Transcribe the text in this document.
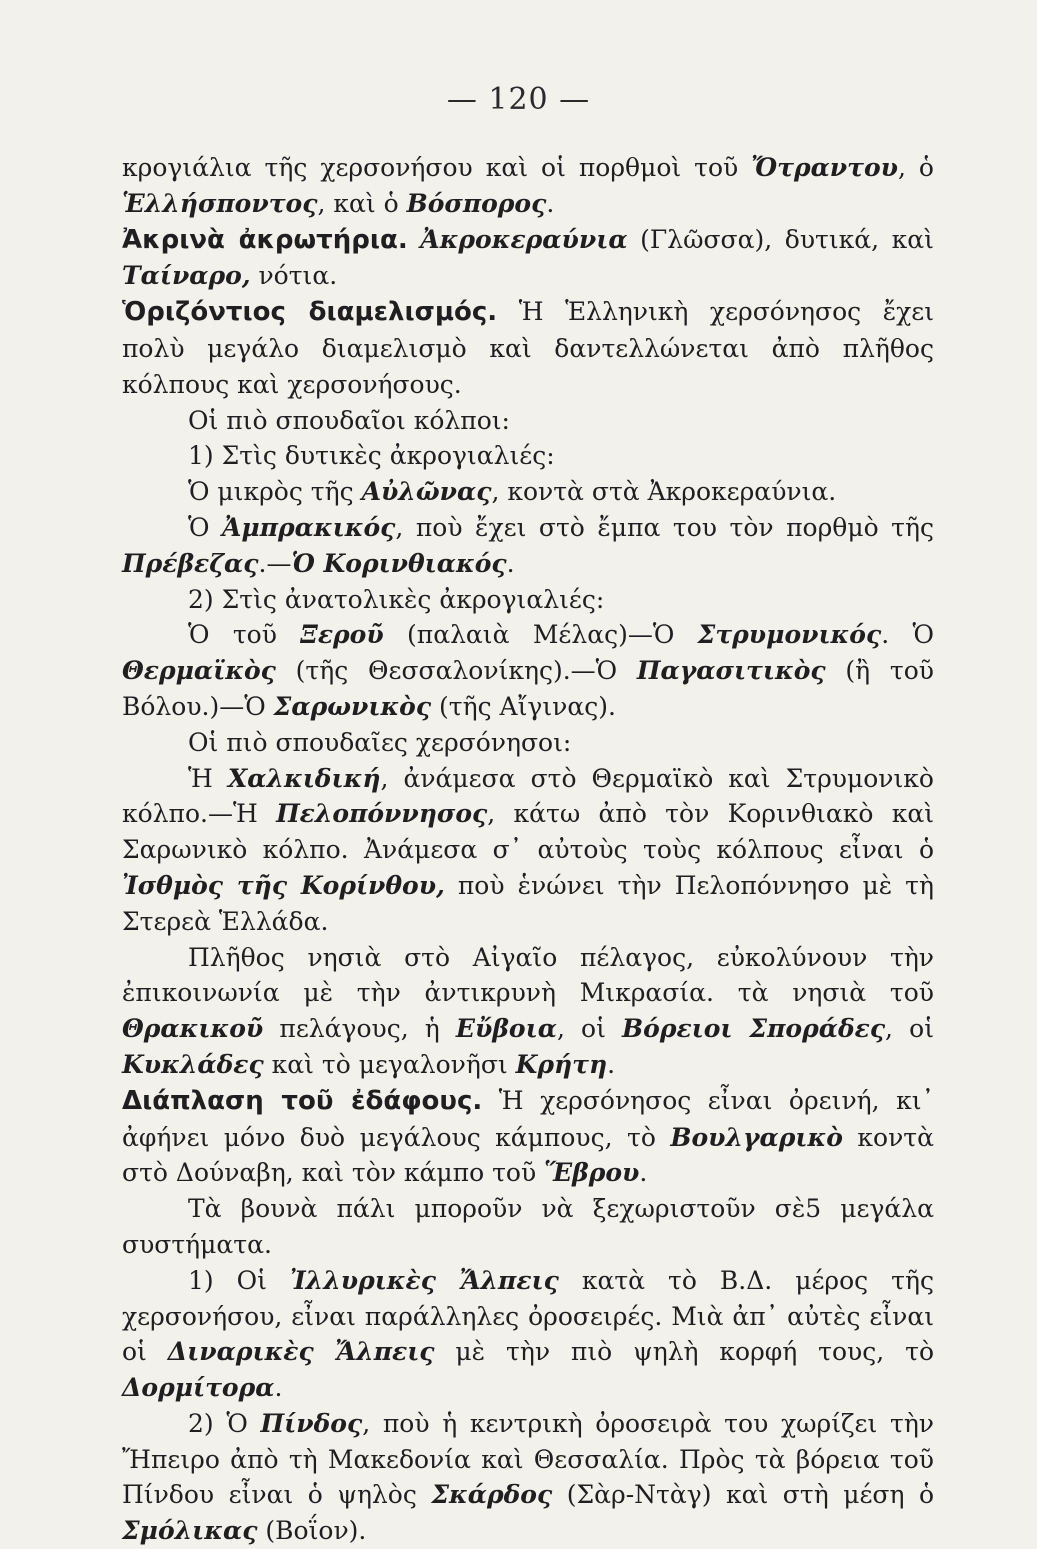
— 120 —

κρογιάλια τῆς χερσονήσου καὶ οἱ πορθμοὶ τοῦ Ὄτραντου, ὁ Ἑλλήσποντος, καὶ ὁ Βόσπορος.

Ἀκρινὰ ἀκρωτήρια. Ἀκροκεραύνια (Γλῶσσα), δυτικά, καὶ Ταίναρο, νότια.

Ὁριζόντιος διαμελισμός. Ἡ Ἑλληνικὴ χερσόνησος ἔχει πολὺ μεγάλο διαμελισμὸ καὶ δαντελλώνεται ἀπὸ πλῆθος κόλπους καὶ χερσονήσους.

Οἱ πιὸ σπουδαῖοι κόλποι:

1) Στὶς δυτικὲς ἀκρογιαλιές:

Ὁ μικρὸς τῆς Αὐλῶνας, κοντὰ στὰ Ἀκροκεραύνια.

Ὁ Ἀμπρακικός, ποὺ ἔχει στὸ ἔμπα του τὸν πορθμὸ τῆς Πρέβεζας.—Ὁ Κορινθιακός.

2) Στὶς ἀνατολικὲς ἀκρογιαλιές:

Ὁ τοῦ Ξεροῦ (παλαιὰ Μέλας)—Ὁ Στρυμονικός. Ὁ Θερμαϊκὸς (τῆς Θεσσαλονίκης).—Ὁ Παγασιτικὸς (ἢ τοῦ Βόλου.)—Ὁ Σαρωνικὸς (τῆς Αἴγινας).

Οἱ πιὸ σπουδαῖες χερσόνησοι:

Ἡ Χαλκιδική, ἀνάμεσα στὸ Θερμαϊκὸ καὶ Στρυμονικὸ κόλπο.—Ἡ Πελοπόννησος, κάτω ἀπὸ τὸν Κορινθιακὸ καὶ Σαρωνικὸ κόλπο. Ἀνάμεσα σ᾽ αὐτοὺς τοὺς κόλπους εἶναι ὁ Ἰσθμὸς τῆς Κορίνθου, ποὺ ἑνώνει τὴν Πελοπόννησο μὲ τὴ Στερεὰ Ἑλλάδα.

Πλῆθος νησιὰ στὸ Αἰγαῖο πέλαγος, εὐκολύνουν τὴν ἐπικοινωνία μὲ τὴν ἀντικρυνὴ Μικρασία. τὰ νησιὰ τοῦ Θρακικοῦ πελάγους, ἡ Εὔβοια, οἱ Βόρειοι Σποράδες, οἱ Κυκλάδες καὶ τὸ μεγαλονῆσι Κρήτη.

Διάπλαση τοῦ ἐδάφους. Ἡ χερσόνησος εἶναι ὀρεινή, κι᾽ ἀφήνει μόνο δυὸ μεγάλους κάμπους, τὸ Βουλγαρικὸ κοντὰ στὸ Δούναβη, καὶ τὸν κάμπο τοῦ Ἕβρου.

Τὰ βουνὰ πάλι μποροῦν νὰ ξεχωριστοῦν σὲ5 μεγάλα συστήματα.

1) Οἱ Ἰλλυρικὲς Ἄλπεις κατὰ τὸ Β.Δ. μέρος τῆς χερσονήσου, εἶναι παράλληλες ὀροσειρές. Μιὰ ἀπ᾽ αὐτὲς εἶναι οἱ Διναρικὲς Ἄλπεις μὲ τὴν πιὸ ψηλὴ κορφή τους, τὸ Δορμίτορα.

2) Ὁ Πίνδος, ποὺ ἡ κεντρικὴ ὀροσειρὰ του χωρίζει τὴν Ἤπειρο ἀπὸ τὴ Μακεδονία καὶ Θεσσαλία. Πρὸς τὰ βόρεια τοῦ Πίνδου εἶναι ὁ ψηλὸς Σκάρδος (Σὰρ-Ντὰγ) καὶ στὴ μέση ὁ Σμόλικας (Βοΐον).
